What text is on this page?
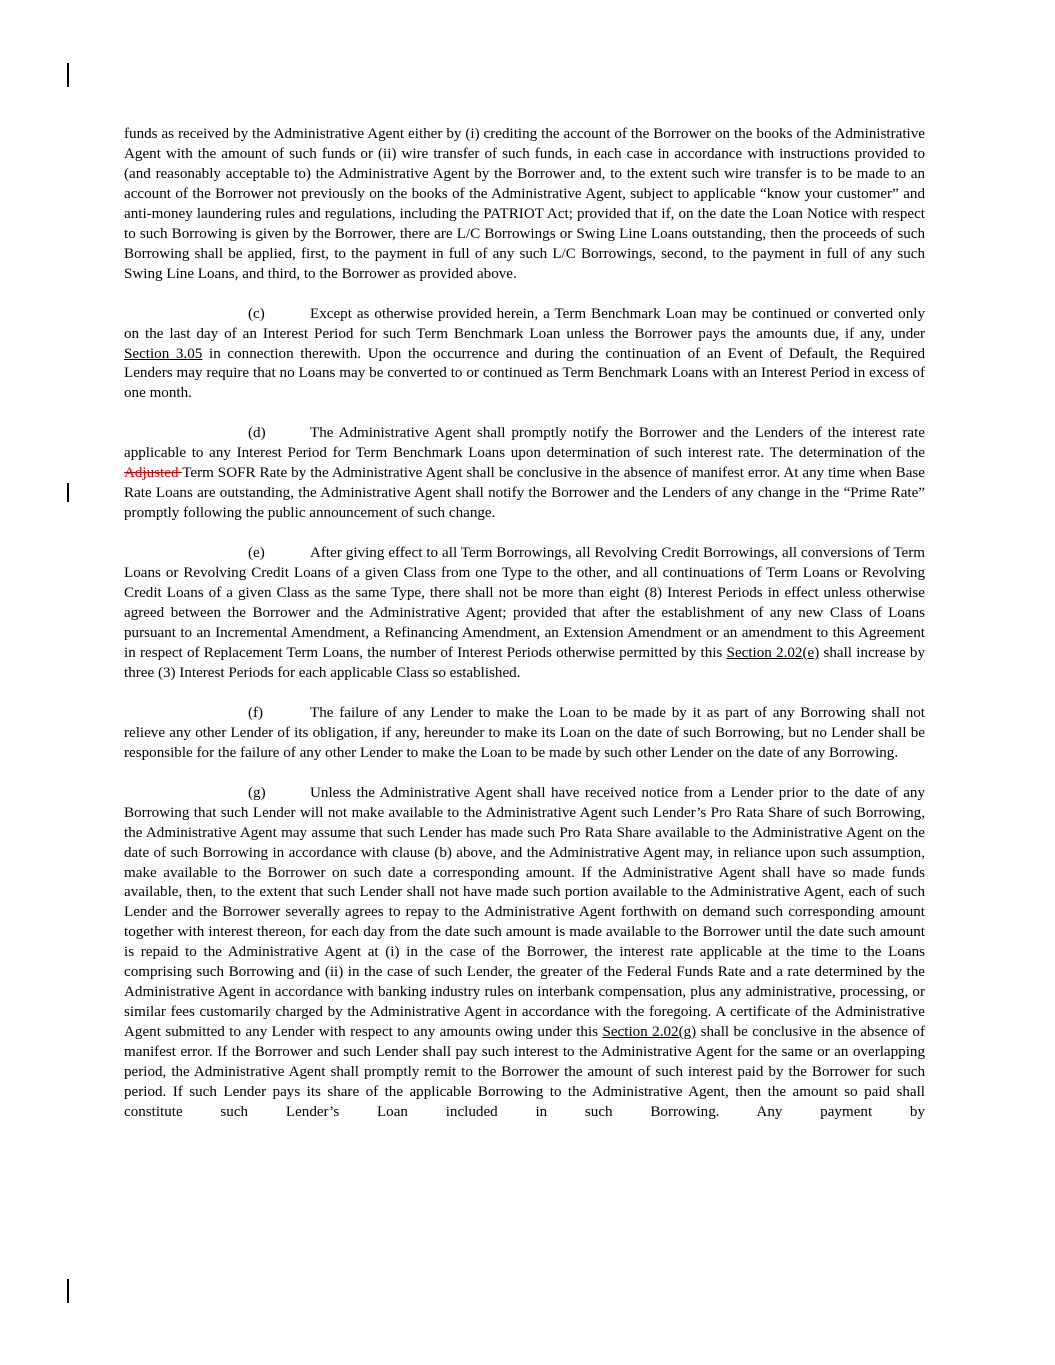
funds as received by the Administrative Agent either by (i) crediting the account of the Borrower on the books of the Administrative Agent with the amount of such funds or (ii) wire transfer of such funds, in each case in accordance with instructions provided to (and reasonably acceptable to) the Administrative Agent by the Borrower and, to the extent such wire transfer is to be made to an account of the Borrower not previously on the books of the Administrative Agent, subject to applicable “know your customer” and anti-money laundering rules and regulations, including the PATRIOT Act; provided that if, on the date the Loan Notice with respect to such Borrowing is given by the Borrower, there are L/C Borrowings or Swing Line Loans outstanding, then the proceeds of such Borrowing shall be applied, first, to the payment in full of any such L/C Borrowings, second, to the payment in full of any such Swing Line Loans, and third, to the Borrower as provided above.

(c)	Except as otherwise provided herein, a Term Benchmark Loan may be continued or converted only on the last day of an Interest Period for such Term Benchmark Loan unless the Borrower pays the amounts due, if any, under Section 3.05 in connection therewith. Upon the occurrence and during the continuation of an Event of Default, the Required Lenders may require that no Loans may be converted to or continued as Term Benchmark Loans with an Interest Period in excess of one month.

(d)	The Administrative Agent shall promptly notify the Borrower and the Lenders of the interest rate applicable to any Interest Period for Term Benchmark Loans upon determination of such interest rate. The determination of the Adjusted Term SOFR Rate by the Administrative Agent shall be conclusive in the absence of manifest error. At any time when Base Rate Loans are outstanding, the Administrative Agent shall notify the Borrower and the Lenders of any change in the “Prime Rate” promptly following the public announcement of such change.

(e)	After giving effect to all Term Borrowings, all Revolving Credit Borrowings, all conversions of Term Loans or Revolving Credit Loans of a given Class from one Type to the other, and all continuations of Term Loans or Revolving Credit Loans of a given Class as the same Type, there shall not be more than eight (8) Interest Periods in effect unless otherwise agreed between the Borrower and the Administrative Agent; provided that after the establishment of any new Class of Loans pursuant to an Incremental Amendment, a Refinancing Amendment, an Extension Amendment or an amendment to this Agreement in respect of Replacement Term Loans, the number of Interest Periods otherwise permitted by this Section 2.02(e) shall increase by three (3) Interest Periods for each applicable Class so established.

(f)	The failure of any Lender to make the Loan to be made by it as part of any Borrowing shall not relieve any other Lender of its obligation, if any, hereunder to make its Loan on the date of such Borrowing, but no Lender shall be responsible for the failure of any other Lender to make the Loan to be made by such other Lender on the date of any Borrowing.

(g)	Unless the Administrative Agent shall have received notice from a Lender prior to the date of any Borrowing that such Lender will not make available to the Administrative Agent such Lender’s Pro Rata Share of such Borrowing, the Administrative Agent may assume that such Lender has made such Pro Rata Share available to the Administrative Agent on the date of such Borrowing in accordance with clause (b) above, and the Administrative Agent may, in reliance upon such assumption, make available to the Borrower on such date a corresponding amount. If the Administrative Agent shall have so made funds available, then, to the extent that such Lender shall not have made such portion available to the Administrative Agent, each of such Lender and the Borrower severally agrees to repay to the Administrative Agent forthwith on demand such corresponding amount together with interest thereon, for each day from the date such amount is made available to the Borrower until the date such amount is repaid to the Administrative Agent at (i) in the case of the Borrower, the interest rate applicable at the time to the Loans comprising such Borrowing and (ii) in the case of such Lender, the greater of the Federal Funds Rate and a rate determined by the Administrative Agent in accordance with banking industry rules on interbank compensation, plus any administrative, processing, or similar fees customarily charged by the Administrative Agent in accordance with the foregoing. A certificate of the Administrative Agent submitted to any Lender with respect to any amounts owing under this Section 2.02(g) shall be conclusive in the absence of manifest error. If the Borrower and such Lender shall pay such interest to the Administrative Agent for the same or an overlapping period, the Administrative Agent shall promptly remit to the Borrower the amount of such interest paid by the Borrower for such period. If such Lender pays its share of the applicable Borrowing to the Administrative Agent, then the amount so paid shall constitute such Lender’s Loan included in such Borrowing. Any payment by
